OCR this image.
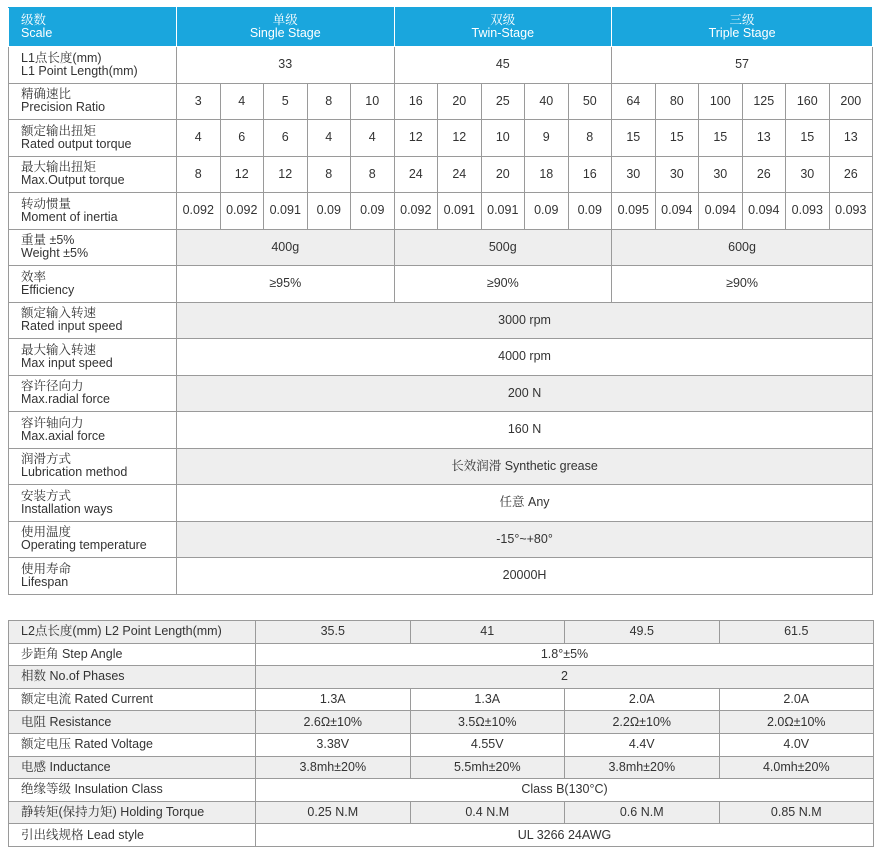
级数
Scale	单级
Single Stage					双级
Twin-Stage					三级
Triple Stage					

L1点长度(mm)
L1 Point Length(mm)	33					45					57					

精确速比
Precision Ratio	3	4	5	8	10	16	20	25	40	50	64	80	100	125	160	200

额定输出扭矩
Rated output torque	4	6	6	4	4	12	12	10	9	8	15	15	15	13	15	13

最大输出扭矩
Max.Output torque	8	12	12	8	8	24	24	20	18	16	30	30	30	26	30	26

转动惯量
Moment of inertia	0.092	0.092	0.091	0.09	0.09	0.092	0.091	0.091	0.09	0.09	0.095	0.094	0.094	0.094	0.093	0.093

重量 ±5%
Weight ±5%	400g					500g					600g					

效率
Efficiency	≥95%					≥90%					≥90%					

额定输入转速
Rated input speed	3000 rpm															

最大输入转速
Max input speed	4000 rpm															

容许径向力
Max.radial force	200 N															

容许轴向力
Max.axial force	160 N															

润滑方式
Lubrication method	长效润滑 Synthetic grease															

安装方式
Installation ways	任意 Any															

使用温度
Operating temperature	-15°~+80°															

使用寿命
Lifespan	20000H															
L2点长度(mm) L2 Point Length(mm)	35.5	41	49.5	61.5
步距角 Step Angle	1.8°±5%			
相数 No.of Phases	2			
额定电流 Rated Current	1.3A	1.3A	2.0A	2.0A
电阻 Resistance	2.6Ω±10%	3.5Ω±10%	2.2Ω±10%	2.0Ω±10%
额定电压 Rated Voltage	3.38V	4.55V	4.4V	4.0V
电感 Inductance	3.8mh±20%	5.5mh±20%	3.8mh±20%	4.0mh±20%
绝缘等级 Insulation Class	Class B(130°C)			
静转矩(保持力矩) Holding Torque	0.25 N.M	0.4 N.M	0.6 N.M	0.85 N.M
引出线规格 Lead style	UL 3266 24AWG			
